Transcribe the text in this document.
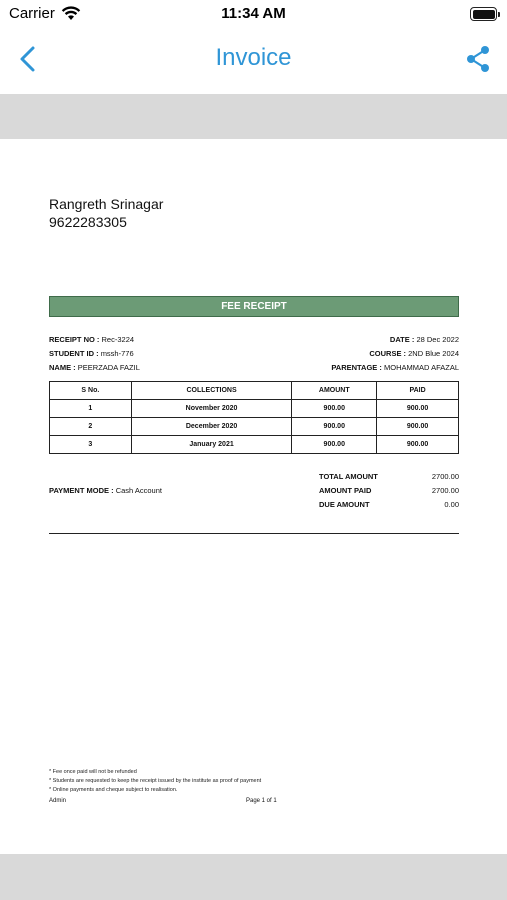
Carrier	11:34 AM
Invoice
Rangreth Srinagar
9622283305
FEE RECEIPT
RECEIPT NO : Rec-3224	DATE : 28 Dec 2022
STUDENT ID : mssh-776	COURSE : 2ND Blue 2024
NAME : PEERZADA FAZIL	PARENTAGE : MOHAMMAD AFAZAL
S No.	COLLECTIONS	AMOUNT	PAID
1	November 2020	900.00	900.00
2	December 2020	900.00	900.00
3	January 2021	900.00	900.00
PAYMENT MODE : Cash Account
TOTAL AMOUNT	2700.00
AMOUNT PAID	2700.00
DUE AMOUNT	0.00
* Fee once paid will not be refunded
* Students are requested to keep the receipt issued by the institute as proof of payment
* Online payments and cheque subject to realisation.
Admin	Page 1 of 1
